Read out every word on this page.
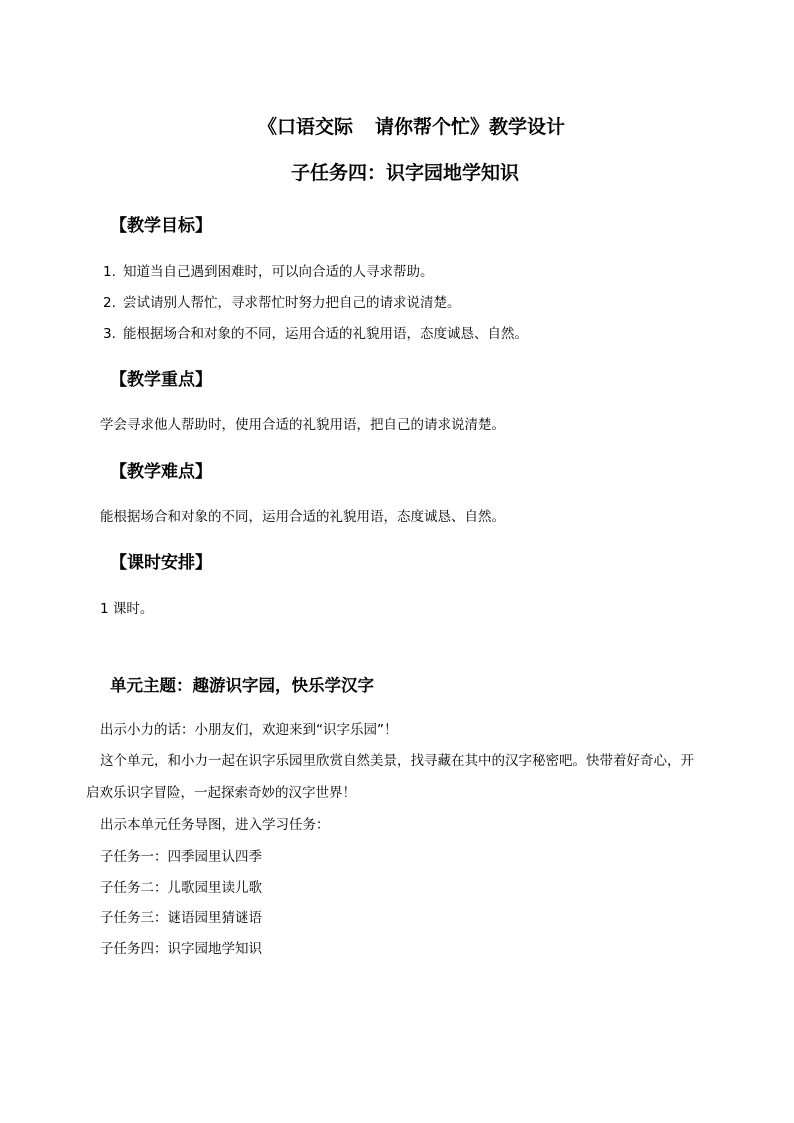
《口语交际 请你帮个忙》教学设计
子任务四：识字园地学知识
【教学目标】
1. 知道当自己遇到困难时，可以向合适的人寻求帮助。
2. 尝试请别人帮忙，寻求帮忙时努力把自己的请求说清楚。
3. 能根据场合和对象的不同，运用合适的礼貌用语，态度诚恳、自然。
【教学重点】
学会寻求他人帮助时，使用合适的礼貌用语，把自己的请求说清楚。
【教学难点】
能根据场合和对象的不同，运用合适的礼貌用语，态度诚恳、自然。
【课时安排】
1 课时。
单元主题：趣游识字园，快乐学汉字
出示小力的话：小朋友们，欢迎来到“识字乐园”！
这个单元，和小力一起在识字乐园里欣赏自然美景，找寻藏在其中的汉字秘密吧。快带着好奇心，开
启欢乐识字冒险，一起探索奇妙的汉字世界！
出示本单元任务导图，进入学习任务：
子任务一：四季园里认四季
子任务二：儿歌园里读儿歌
子任务三：谜语园里猜谜语
子任务四：识字园地学知识
